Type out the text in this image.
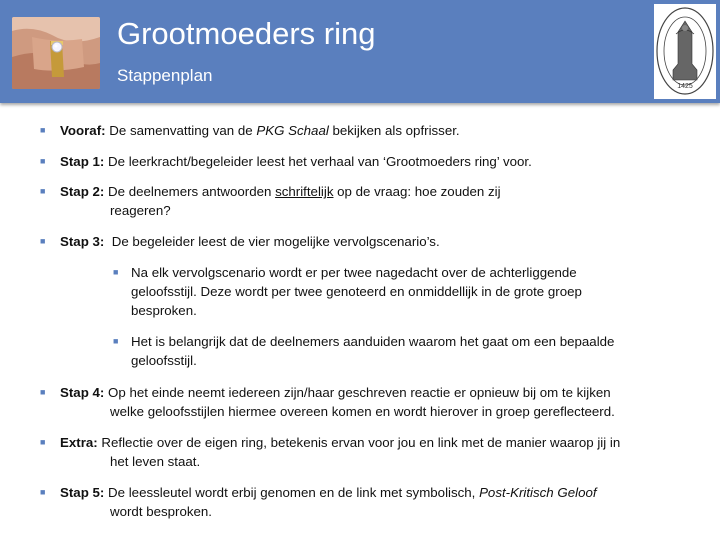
Grootmoeders ring
Stappenplan
1425
■ Vooraf: De samenvatting van de PKG Schaal bekijken als opfrisser.
■ Stap 1: De leerkracht/begeleider leest het verhaal van ‘Grootmoeders ring’ voor.
■ Stap 2: De deelnemers antwoorden schriftelijk op de vraag: hoe zouden zij
reageren?
■ Stap 3:  De begeleider leest de vier mogelijke vervolgscenario’s.
■ Na elk vervolgscenario wordt er per twee nagedacht over de achterliggende
geloofsstijl. Deze wordt per twee genoteerd en onmiddellijk in de grote groep
besproken.
■ Het is belangrijk dat de deelnemers aanduiden waarom het gaat om een bepaalde
geloofsstijl.
■ Stap 4: Op het einde neemt iedereen zijn/haar geschreven reactie er opnieuw bij om te kijken
welke geloofsstijlen hiermee overeen komen en wordt hierover in groep gereflecteerd.
■ Extra: Reflectie over de eigen ring, betekenis ervan voor jou en link met de manier waarop jij in
het leven staat.
■ Stap 5: De leessleutel wordt erbij genomen en de link met symbolisch, Post-Kritisch Geloof
wordt besproken.
